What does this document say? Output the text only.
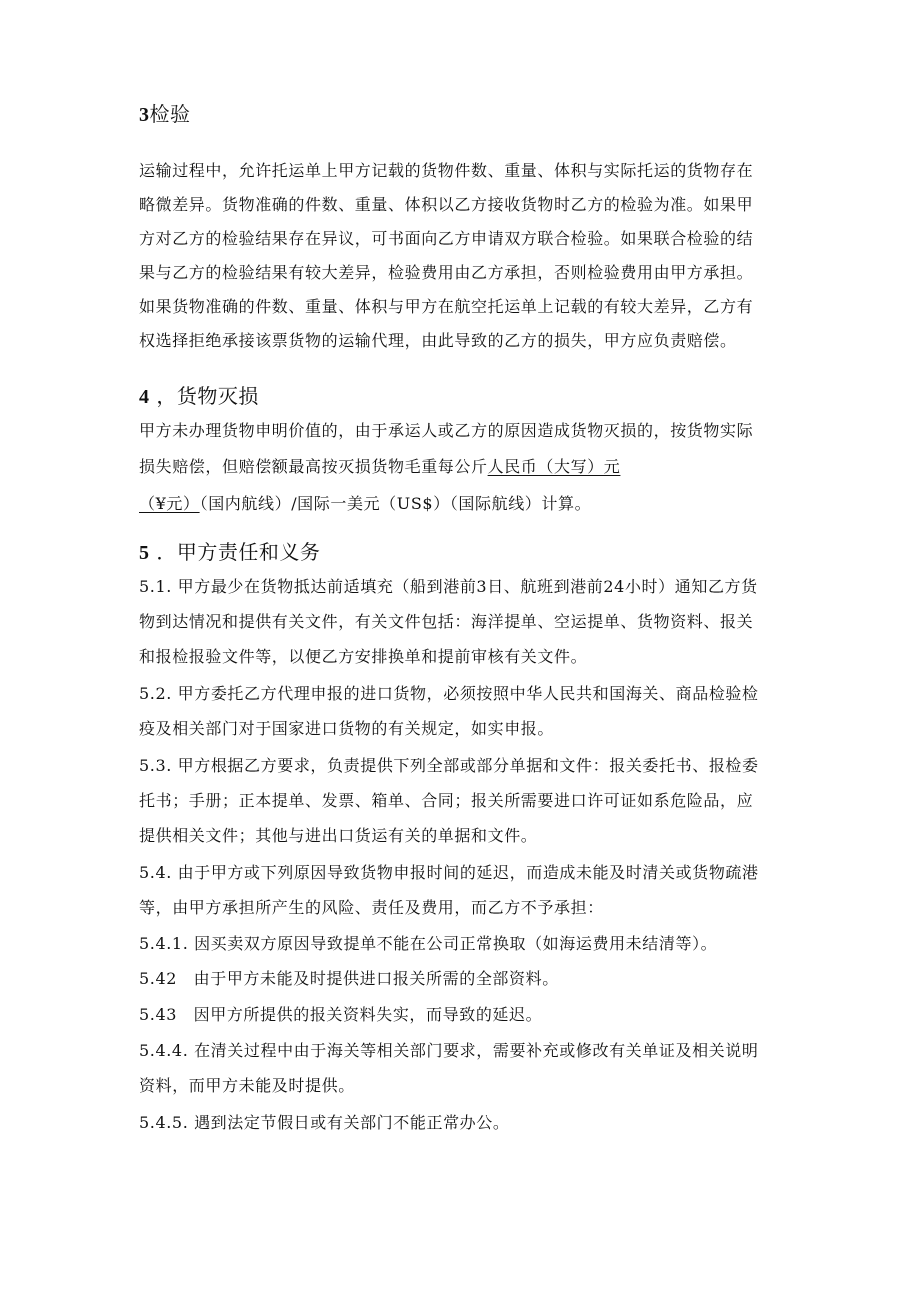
3检验
运输过程中，允许托运单上甲方记载的货物件数、重量、体积与实际托运的货物存在
略微差异。货物准确的件数、重量、体积以乙方接收货物时乙方的检验为准。如果甲
方对乙方的检验结果存在异议，可书面向乙方申请双方联合检验。如果联合检验的结
果与乙方的检验结果有较大差异，检验费用由乙方承担，否则检验费用由甲方承担。
如果货物准确的件数、重量、体积与甲方在航空托运单上记载的有较大差异，乙方有
权选择拒绝承接该票货物的运输代理，由此导致的乙方的损失，甲方应负责赔偿。
4 ，货物灭损
甲方未办理货物申明价值的，由于承运人或乙方的原因造成货物灭损的，按货物实际
损失赔偿，但赔偿额最高按灭损货物毛重每公斤人民币（大写）元
（¥元）（国内航线）/国际一美元（US$）（国际航线）计算。
5 ．甲方责任和义务
5.1. 甲方最少在货物抵达前适填充（船到港前3日、航班到港前24小时）通知乙方货
物到达情况和提供有关文件，有关文件包括：海洋提单、空运提单、货物资料、报关
和报检报验文件等，以便乙方安排换单和提前审核有关文件。
5.2. 甲方委托乙方代理申报的进口货物，必须按照中华人民共和国海关、商品检验检
疫及相关部门对于国家进口货物的有关规定，如实申报。
5.3. 甲方根据乙方要求，负责提供下列全部或部分单据和文件：报关委托书、报检委
托书；手册；正本提单、发票、箱单、合同；报关所需要进口许可证如系危险品，应
提供相关文件；其他与进出口货运有关的单据和文件。
5.4. 由于甲方或下列原因导致货物申报时间的延迟，而造成未能及时清关或货物疏港
等，由甲方承担所产生的风险、责任及费用，而乙方不予承担：
5.4.1. 因买卖双方原因导致提单不能在公司正常换取（如海运费用未结清等）。
5.42　由于甲方未能及时提供进口报关所需的全部资料。
5.43　因甲方所提供的报关资料失实，而导致的延迟。
5.4.4. 在清关过程中由于海关等相关部门要求，需要补充或修改有关单证及相关说明
资料，而甲方未能及时提供。
5.4.5. 遇到法定节假日或有关部门不能正常办公。
